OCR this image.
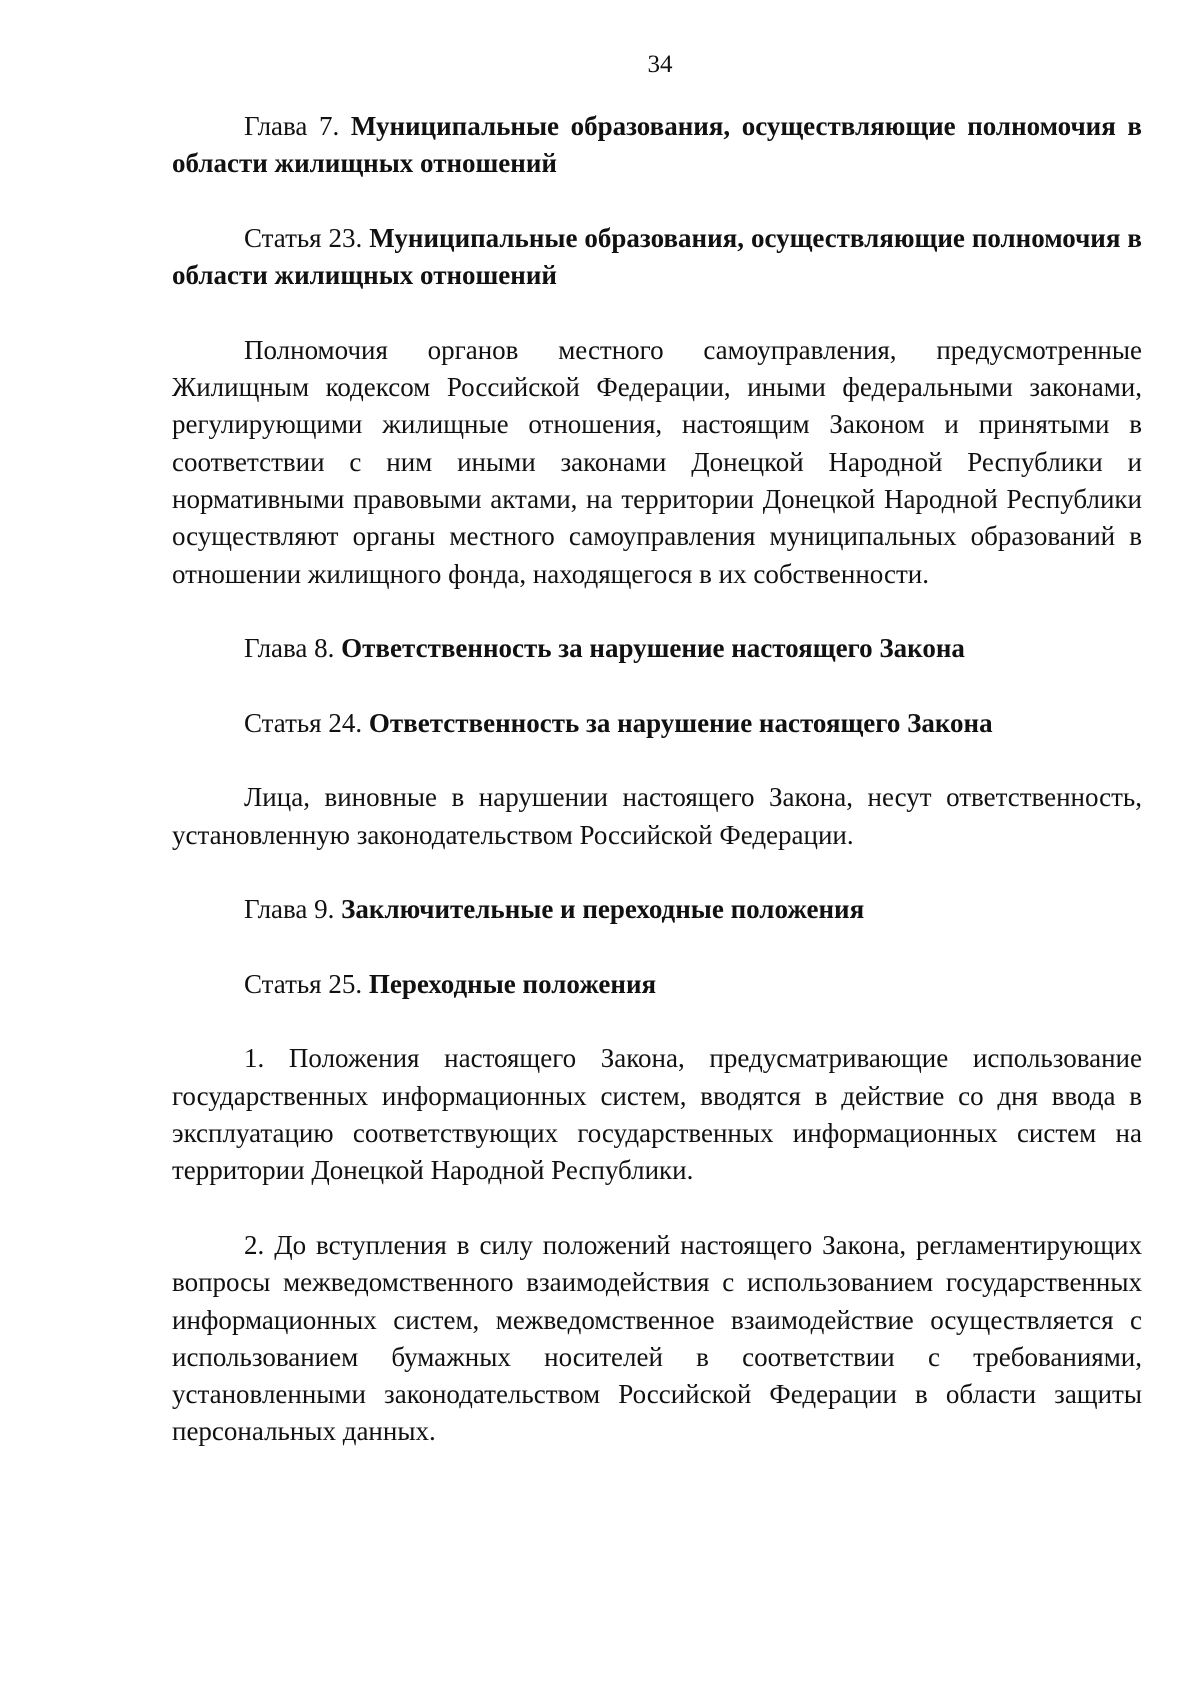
34

Глава 7. Муниципальные образования, осуществляющие полномочия в области жилищных отношений

Статья 23. Муниципальные образования, осуществляющие полномочия в области жилищных отношений

Полномочия органов местного самоуправления, предусмотренные Жилищным кодексом Российской Федерации, иными федеральными законами, регулирующими жилищные отношения, настоящим Законом и принятыми в соответствии с ним иными законами Донецкой Народной Республики и нормативными правовыми актами, на территории Донецкой Народной Республики осуществляют органы местного самоуправления муниципальных образований в отношении жилищного фонда, находящегося в их собственности.

Глава 8. Ответственность за нарушение настоящего Закона

Статья 24. Ответственность за нарушение настоящего Закона

Лица, виновные в нарушении настоящего Закона, несут ответственность, установленную законодательством Российской Федерации.

Глава 9. Заключительные и переходные положения

Статья 25. Переходные положения

1. Положения настоящего Закона, предусматривающие использование государственных информационных систем, вводятся в действие со дня ввода в эксплуатацию соответствующих государственных информационных систем на территории Донецкой Народной Республики.

2. До вступления в силу положений настоящего Закона, регламентирующих вопросы межведомственного взаимодействия с использованием государственных информационных систем, межведомственное взаимодействие осуществляется с использованием бумажных носителей в соответствии с требованиями, установленными законодательством Российской Федерации в области защиты персональных данных.
